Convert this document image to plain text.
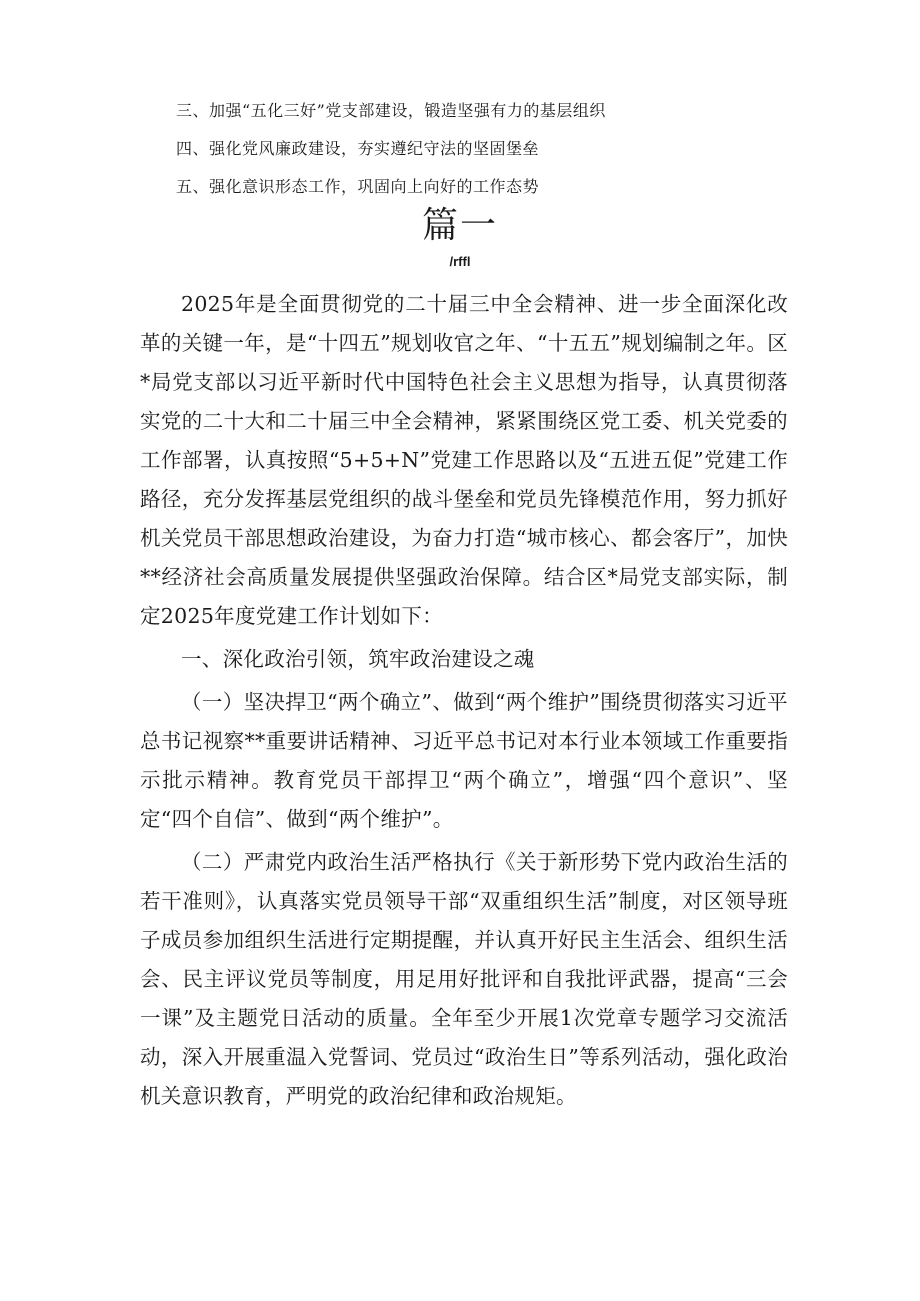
三、加强“五化三好”党支部建设，锻造坚强有力的基层组织
四、强化党风廉政建设，夯实遵纪守法的坚固堡垒
五、强化意识形态工作，巩固向上向好的工作态势
篇一
/rffl

2025年是全面贯彻党的二十届三中全会精神、进一步全面深化改革的关键一年，是“十四五”规划收官之年、“十五五”规划编制之年。区*局党支部以习近平新时代中国特色社会主义思想为指导，认真贯彻落实党的二十大和二十届三中全会精神，紧紧围绕区党工委、机关党委的工作部署，认真按照“5+5+N”党建工作思路以及“五进五促”党建工作路径，充分发挥基层党组织的战斗堡垒和党员先锋模范作用，努力抓好机关党员干部思想政治建设，为奋力打造“城市核心、都会客厅”，加快**经济社会高质量发展提供坚强政治保障。结合区*局党支部实际，制定2025年度党建工作计划如下：

一、深化政治引领，筑牢政治建设之魂

（一）坚决捍卫“两个确立”、做到“两个维护”围绕贯彻落实习近平总书记视察**重要讲话精神、习近平总书记对本行业本领域工作重要指示批示精神。教育党员干部捍卫“两个确立”，增强“四个意识”、坚定“四个自信”、做到“两个维护”。

（二）严肃党内政治生活严格执行《关于新形势下党内政治生活的若干准则》，认真落实党员领导干部“双重组织生活”制度，对区领导班子成员参加组织生活进行定期提醒，并认真开好民主生活会、组织生活会、民主评议党员等制度，用足用好批评和自我批评武器，提高“三会一课”及主题党日活动的质量。全年至少开展1次党章专题学习交流活动，深入开展重温入党誓词、党员过“政治生日”等系列活动，强化政治机关意识教育，严明党的政治纪律和政治规矩。
